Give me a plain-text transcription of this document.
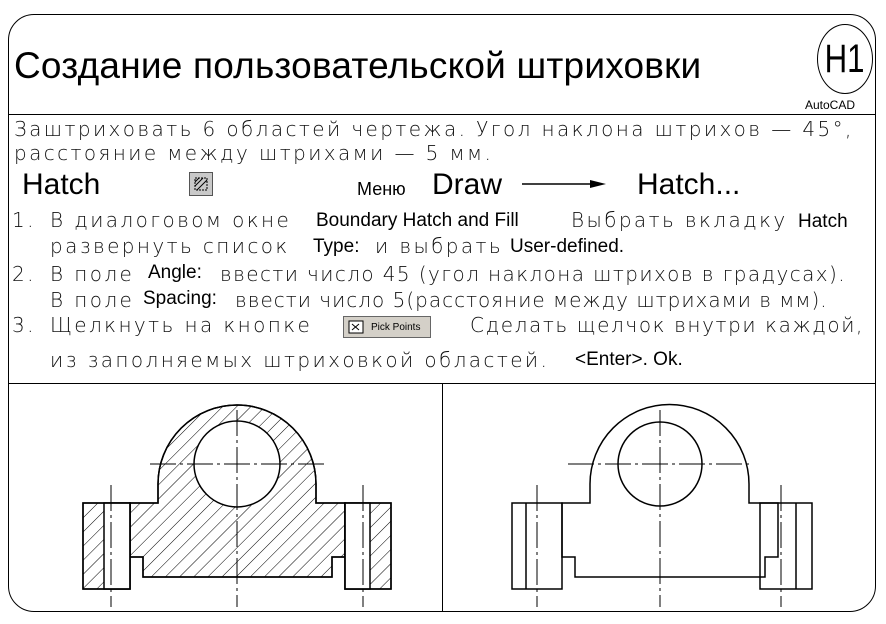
Создание пользовательской штриховки	H1
AutoCAD
Заштриховать 6 областей чертежа. Угол наклона штрихов — 45°,
расстояние между штрихами — 5 мм.
Hatch	Меню Draw	Hatch...
1. В диалоговом окне Boundary Hatch and Fill	Выбрать вкладку Hatch
развернуть список Type: и выбрать User-defined.
2. В поле Angle: ввести число 45 (угол наклона штрихов в градусах).
В поле Spacing: ввести число 5(расстояние между штрихами в мм).
3. Щелкнуть на кнопке	Pick Points Сделать щелчок внутри каждой,
из заполняемых штриховкой областей. <Enter>. Ok.
